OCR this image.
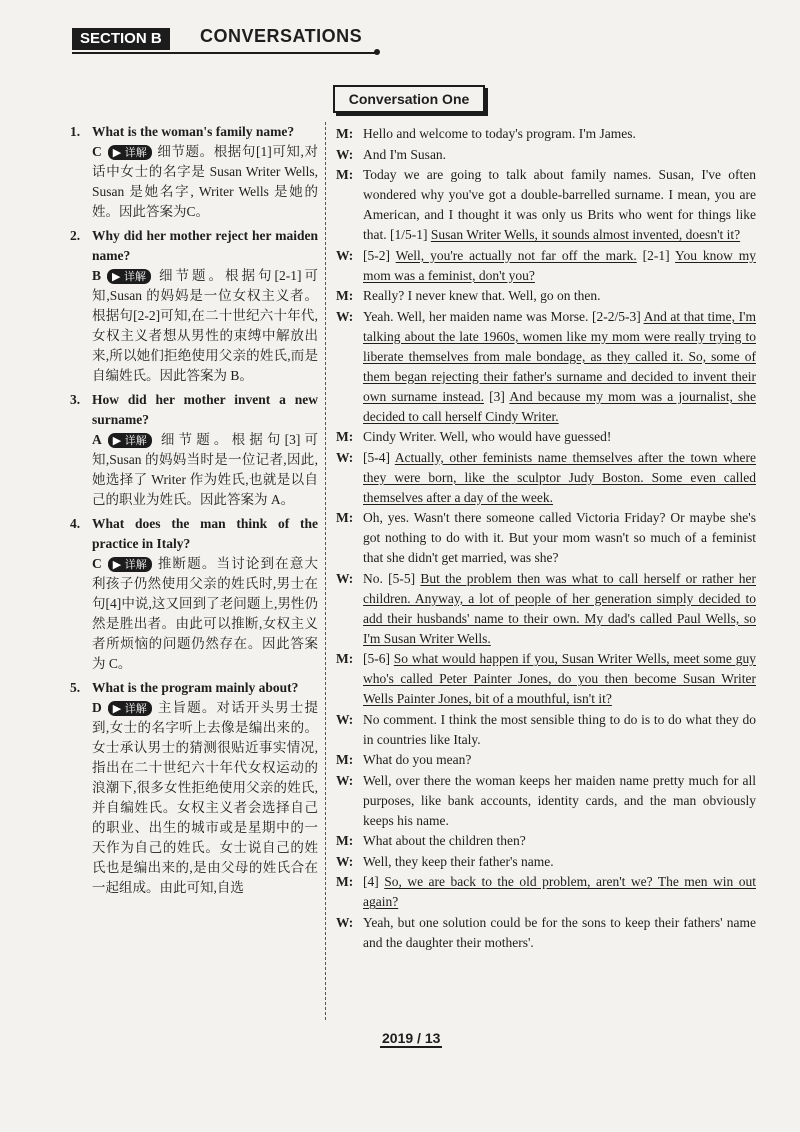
SECTION B	CONVERSATIONS
Conversation One
1. What is the woman's family name?
C ▶ 详解 细节题。根据句[1]可知,对话中女士的名字是 Susan Writer Wells, Susan 是她名字, Writer Wells 是她的姓。因此答案为C。
2. Why did her mother reject her maiden name?
B ▶ 详解 细节题。根据句[2-1]可知,Susan 的妈妈是一位女权主义者。根据句[2-2]可知,在二十世纪六十年代,女权主义者想从男性的束缚中解放出来,所以她们拒绝使用父亲的姓氏,而是自编姓氏。因此答案为 B。
3. How did her mother invent a new surname?
A ▶ 详解 细节题。根据句[3]可知,Susan 的妈妈当时是一位记者,因此,她选择了 Writer 作为姓氏,也就是以自己的职业为姓氏。因此答案为 A。
4. What does the man think of the practice in Italy?
C ▶ 详解 推断题。当讨论到在意大利孩子仍然使用父亲的姓氏时,男士在句[4]中说,这又回到了老问题上,男性仍然是胜出者。由此可以推断,女权主义者所烦恼的问题仍然存在。因此答案为 C。
5. What is the program mainly about?
D ▶ 详解 主旨题。对话开头男士提到,女士的名字听上去像是编出来的。女士承认男士的猜测很贴近事实情况,指出在二十世纪六十年代女权运动的浪潮下,很多女性拒绝使用父亲的姓氏,并自编姓氏。女权主义者会选择自己的职业、出生的城市或是星期中的一天作为自己的姓氏。女士说自己的姓氏也是编出来的,是由父母的姓氏合在一起组成。由此可知,自选
M: Hello and welcome to today's program. I'm James.
W: And I'm Susan.
M: Today we are going to talk about family names. Susan, I've often wondered why you've got a double-barrelled surname. I mean, you are American, and I thought it was only us Brits who went for things like that. [1/5-1] Susan Writer Wells, it sounds almost invented, doesn't it?
W: [5-2] Well, you're actually not far off the mark. [2-1] You know my mom was a feminist, don't you?
M: Really? I never knew that. Well, go on then.
W: Yeah. Well, her maiden name was Morse. [2-2/5-3] And at that time, I'm talking about the late 1960s, women like my mom were really trying to liberate themselves from male bondage, as they called it. So, some of them began rejecting their father's surname and decided to invent their own surname instead. [3] And because my mom was a journalist, she decided to call herself Cindy Writer.
M: Cindy Writer. Well, who would have guessed!
W: [5-4] Actually, other feminists name themselves after the town where they were born, like the sculptor Judy Boston. Some even called themselves after a day of the week.
M: Oh, yes. Wasn't there someone called Victoria Friday? Or maybe she's got nothing to do with it. But your mom wasn't so much of a feminist that she didn't get married, was she?
W: No. [5-5] But the problem then was what to call herself or rather her children. Anyway, a lot of people of her generation simply decided to add their husbands' name to their own. My dad's called Paul Wells, so I'm Susan Writer Wells.
M: [5-6] So what would happen if you, Susan Writer Wells, meet some guy who's called Peter Painter Jones, do you then become Susan Writer Wells Painter Jones, bit of a mouthful, isn't it?
W: No comment. I think the most sensible thing to do is to do what they do in countries like Italy.
M: What do you mean?
W: Well, over there the woman keeps her maiden name pretty much for all purposes, like bank accounts, identity cards, and the man obviously keeps his name.
M: What about the children then?
W: Well, they keep their father's name.
M: [4] So, we are back to the old problem, aren't we? The men win out again?
W: Yeah, but one solution could be for the sons to keep their fathers' name and the daughter their mothers'.
2019 / 13
